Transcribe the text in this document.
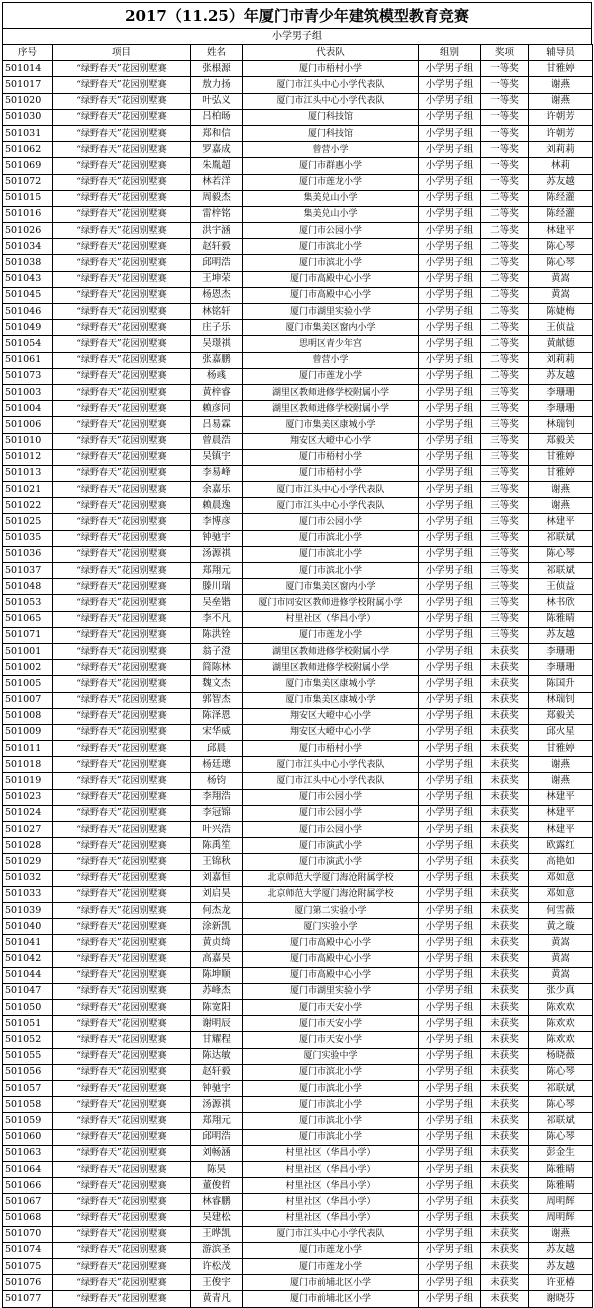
2017（11.25）年厦门市青少年建筑模型教育竞赛
小学男子组
序号	项目	姓名	代表队	组别	奖项	辅导员
501014	“绿野春天”花园别墅赛	张根源	厦门市梧村小学	小学男子组	一等奖	甘雅婷
501017	“绿野春天”花园别墅赛	敖力扬	厦门市江头中心小学代表队	小学男子组	一等奖	谢燕
501020	“绿野春天”花园别墅赛	叶弘义	厦门市江头中心小学代表队	小学男子组	一等奖	谢燕
501030	“绿野春天”花园别墅赛	吕柏旸	厦门科技馆	小学男子组	一等奖	许朝芳
501031	“绿野春天”花园别墅赛	郑和信	厦门科技馆	小学男子组	一等奖	许朝芳
501062	“绿野春天”花园别墅赛	罗嘉成	曾营小学	小学男子组	一等奖	刘莉莉
501069	“绿野春天”花园别墅赛	朱胤超	厦门市群惠小学	小学男子组	一等奖	林莉
501072	“绿野春天”花园别墅赛	林若洋	厦门市莲龙小学	小学男子组	一等奖	苏友越
501015	“绿野春天”花园别墅赛	周毅杰	集美兑山小学	小学男子组	二等奖	陈经灌
501016	“绿野春天”花园别墅赛	雷梓铭	集美兑山小学	小学男子组	二等奖	陈经灌
501026	“绿野春天”花园别墅赛	洪宇涵	厦门市公园小学	小学男子组	二等奖	林建平
501034	“绿野春天”花园别墅赛	赵轩毅	厦门市滨北小学	小学男子组	二等奖	陈心琴
501038	“绿野春天”花园别墅赛	邱明浩	厦门市滨北小学	小学男子组	二等奖	陈心琴
501043	“绿野春天”花园别墅赛	王坤荣	厦门市高殿中心小学	小学男子组	二等奖	黄嵩
501045	“绿野春天”花园别墅赛	杨恩杰	厦门市高殿中心小学	小学男子组	二等奖	黄嵩
501046	“绿野春天”花园别墅赛	林铭轩	厦门市湖里实验小学	小学男子组	二等奖	陈婕梅
501049	“绿野春天”花园别墅赛	庄子乐	厦门市集美区窗内小学	小学男子组	二等奖	王侦益
501054	“绿野春天”花园别墅赛	吴璟祺	思明区青少年宫	小学男子组	二等奖	黄献德
501061	“绿野春天”花园别墅赛	张嘉鹏	曾营小学	小学男子组	二等奖	刘莉莉
501073	“绿野春天”花园别墅赛	杨彧	厦门市莲龙小学	小学男子组	二等奖	苏友越
501003	“绿野春天”花园别墅赛	黄梓睿	湖里区教师进修学校附属小学	小学男子组	三等奖	李珊珊
501004	“绿野春天”花园别墅赛	赖彦同	湖里区教师进修学校附属小学	小学男子组	三等奖	李珊珊
501006	“绿野春天”花园别墅赛	吕易霖	厦门市集美区康城小学	小学男子组	三等奖	林瑞钊
501010	“绿野春天”花园别墅赛	曾晨浩	翔安区大嶝中心小学	小学男子组	三等奖	郑毅关
501012	“绿野春天”花园别墅赛	吴镇宇	厦门市梧村小学	小学男子组	三等奖	甘雅婷
501013	“绿野春天”花园别墅赛	李易峰	厦门市梧村小学	小学男子组	三等奖	甘雅婷
501021	“绿野春天”花园别墅赛	余嘉乐	厦门市江头中心小学代表队	小学男子组	三等奖	谢燕
501022	“绿野春天”花园别墅赛	赖晨逸	厦门市江头中心小学代表队	小学男子组	三等奖	谢燕
501025	“绿野春天”花园别墅赛	李博彦	厦门市公园小学	小学男子组	三等奖	林建平
501035	“绿野春天”花园别墅赛	钟驰宇	厦门市滨北小学	小学男子组	三等奖	祁联斌
501036	“绿野春天”花园别墅赛	汤源祺	厦门市滨北小学	小学男子组	三等奖	陈心琴
501037	“绿野春天”花园别墅赛	郑翔元	厦门市滨北小学	小学男子组	三等奖	祁联斌
501048	“绿野春天”花园别墅赛	滕川瑞	厦门市集美区窗内小学	小学男子组	三等奖	王侦益
501053	“绿野春天”花园别墅赛	吴垒锴	厦门市同安区教师进修学校附属小学	小学男子组	三等奖	林书欣
501065	“绿野春天”花园别墅赛	李不凡	村里社区（华昌小学）	小学男子组	三等奖	陈雅晴
501071	“绿野春天”花园别墅赛	陈洪铨	厦门市莲龙小学	小学男子组	三等奖	苏友越
501001	“绿野春天”花园别墅赛	翁子澄	湖里区教师进修学校附属小学	小学男子组	未获奖	李珊珊
501002	“绿野春天”花园别墅赛	简陈林	湖里区教师进修学校附属小学	小学男子组	未获奖	李珊珊
501005	“绿野春天”花园别墅赛	魏文杰	厦门市集美区康城小学	小学男子组	未获奖	陈国升
501007	“绿野春天”花园别墅赛	郭智杰	厦门市集美区康城小学	小学男子组	未获奖	林瑞钊
501008	“绿野春天”花园别墅赛	陈泽恩	翔安区大嶝中心小学	小学男子组	未获奖	郑毅关
501009	“绿野春天”花园别墅赛	宋华威	翔安区大嶝中心小学	小学男子组	未获奖	邱火星
501011	“绿野春天”花园别墅赛	邱晨	厦门市梧村小学	小学男子组	未获奖	甘雅婷
501018	“绿野春天”花园别墅赛	杨廷璁	厦门市江头中心小学代表队	小学男子组	未获奖	谢燕
501019	“绿野春天”花园别墅赛	杨钧	厦门市江头中心小学代表队	小学男子组	未获奖	谢燕
501023	“绿野春天”花园别墅赛	李翔浩	厦门市公园小学	小学男子组	未获奖	林建平
501024	“绿野春天”花园别墅赛	李冠锦	厦门市公园小学	小学男子组	未获奖	林建平
501027	“绿野春天”花园别墅赛	叶兴浩	厦门市公园小学	小学男子组	未获奖	林建平
501028	“绿野春天”花园别墅赛	陈禹笙	厦门市演武小学	小学男子组	未获奖	欧露红
501029	“绿野春天”花园别墅赛	王锦秋	厦门市演武小学	小学男子组	未获奖	高艳如
501032	“绿野春天”花园别墅赛	刘嘉恒	北京师范大学厦门海沧附属学校	小学男子组	未获奖	邓如意
501033	“绿野春天”花园别墅赛	刘启昊	北京师范大学厦门海沧附属学校	小学男子组	未获奖	邓如意
501039	“绿野春天”花园别墅赛	何杰龙	厦门第二实验小学	小学男子组	未获奖	何雪薇
501040	“绿野春天”花园别墅赛	涂新凯	厦门实验小学	小学男子组	未获奖	黄之璇
501041	“绿野春天”花园别墅赛	黄贞绮	厦门市高殿中心小学	小学男子组	未获奖	黄嵩
501042	“绿野春天”花园别墅赛	高嘉昊	厦门市高殿中心小学	小学男子组	未获奖	黄嵩
501044	“绿野春天”花园别墅赛	陈坤顺	厦门市高殿中心小学	小学男子组	未获奖	黄嵩
501047	“绿野春天”花园别墅赛	苏峰杰	厦门市湖里实验小学	小学男子组	未获奖	张少真
501050	“绿野春天”花园别墅赛	陈宽阳	厦门市天安小学	小学男子组	未获奖	陈欢欢
501051	“绿野春天”花园别墅赛	谢明辰	厦门市天安小学	小学男子组	未获奖	陈欢欢
501052	“绿野春天”花园别墅赛	甘耀程	厦门市天安小学	小学男子组	未获奖	陈欢欢
501055	“绿野春天”花园别墅赛	陈达敏	厦门实验中学	小学男子组	未获奖	杨晓薇
501056	“绿野春天”花园别墅赛	赵轩毅	厦门市滨北小学	小学男子组	未获奖	陈心琴
501057	“绿野春天”花园别墅赛	钟驰宇	厦门市滨北小学	小学男子组	未获奖	祁联斌
501058	“绿野春天”花园别墅赛	汤源祺	厦门市滨北小学	小学男子组	未获奖	陈心琴
501059	“绿野春天”花园别墅赛	郑翔元	厦门市滨北小学	小学男子组	未获奖	祁联斌
501060	“绿野春天”花园别墅赛	邱明浩	厦门市滨北小学	小学男子组	未获奖	陈心琴
501063	“绿野春天”花园别墅赛	刘畅涵	村里社区（华昌小学）	小学男子组	未获奖	彭金生
501064	“绿野春天”花园别墅赛	陈昊	村里社区（华昌小学）	小学男子组	未获奖	陈雅晴
501066	“绿野春天”花园别墅赛	董俊哲	村里社区（华昌小学）	小学男子组	未获奖	陈雅晴
501067	“绿野春天”花园别墅赛	林睿鹏	村里社区（华昌小学）	小学男子组	未获奖	周明辉
501068	“绿野春天”花园别墅赛	吴建松	村里社区（华昌小学）	小学男子组	未获奖	周明辉
501070	“绿野春天”花园别墅赛	王晔凯	厦门市江头中心小学代表队	小学男子组	未获奖	谢燕
501074	“绿野春天”花园别墅赛	游滨圣	厦门市莲龙小学	小学男子组	未获奖	苏友越
501075	“绿野春天”花园别墅赛	许松茂	厦门市莲龙小学	小学男子组	未获奖	苏友越
501076	“绿野春天”花园别墅赛	王俊宇	厦门市前埔北区小学	小学男子组	未获奖	许亚椿
501077	“绿野春天”花园别墅赛	黄青凡	厦门市前埔北区小学	小学男子组	未获奖	谢晓芬
